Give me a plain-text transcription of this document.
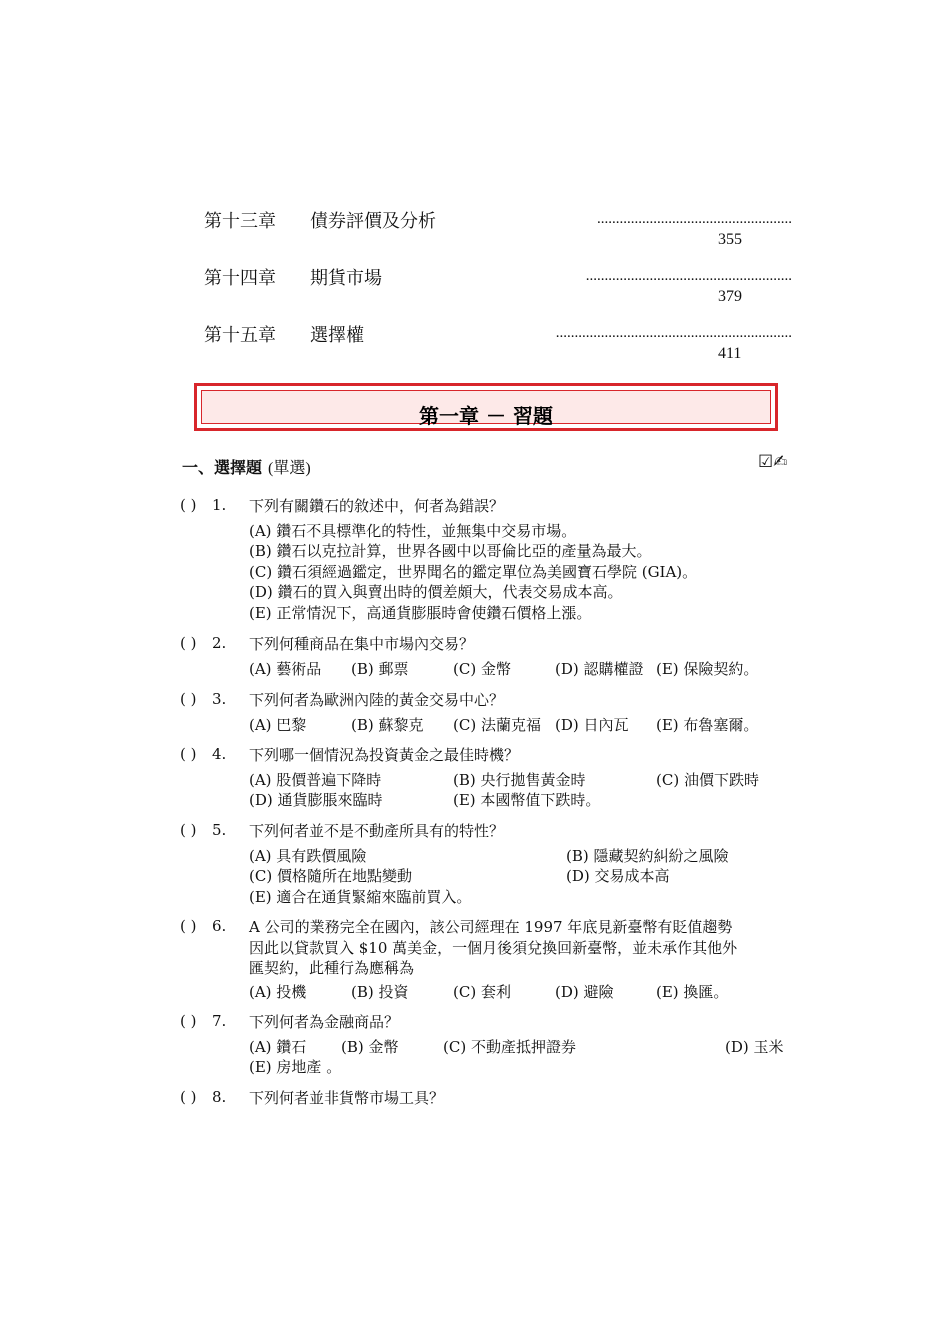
第十三章 債券評價及分析	....................................................
355
第十四章 期貨市場	.......................................................
379
第十五章 選擇權	...............................................................
411
第一章 － 習題
一、選擇題 (單選)	☑✍
( ) 1. 下列有關鑽石的敘述中，何者為錯誤？
(A) 鑽石不具標準化的特性，並無集中交易市場。
(B) 鑽石以克拉計算，世界各國中以哥倫比亞的產量為最大。
(C) 鑽石須經過鑑定，世界聞名的鑑定單位為美國寶石學院 (GIA)。
(D) 鑽石的買入與賣出時的價差頗大，代表交易成本高。
(E) 正常情況下，高通貨膨脹時會使鑽石價格上漲。
( ) 2. 下列何種商品在集中市場內交易？
(A) 藝術品 (B) 郵票	(C) 金幣	(D) 認購權證 (E) 保險契約。
( ) 3. 下列何者為歐洲內陸的黃金交易中心？
(A) 巴黎	(B) 蘇黎克 (C) 法蘭克福 (D) 日內瓦 (E) 布魯塞爾。
( ) 4. 下列哪一個情況為投資黃金之最佳時機？
(A) 股價普遍下降時	(B) 央行拋售黃金時	(C) 油價下跌時
(D) 通貨膨脹來臨時	(E) 本國幣值下跌時。
( ) 5. 下列何者並不是不動產所具有的特性？
(A) 具有跌價風險	(B) 隱藏契約糾紛之風險
(C) 價格隨所在地點變動	(D) 交易成本高
(E) 適合在通貨緊縮來臨前買入。
( ) 6. A 公司的業務完全在國內，該公司經理在 1997 年底見新臺幣有貶值趨勢
因此以貸款買入 $10 萬美金，一個月後須兌換回新臺幣，並未承作其他外
匯契約，此種行為應稱為
(A) 投機	(B) 投資	(C) 套利	(D) 避險	(E) 換匯。
( ) 7. 下列何者為金融商品？
(A) 鑽石 (B) 金幣	(C) 不動產抵押證券	(D) 玉米
(E) 房地產 。
( ) 8. 下列何者並非貨幣市場工具？
